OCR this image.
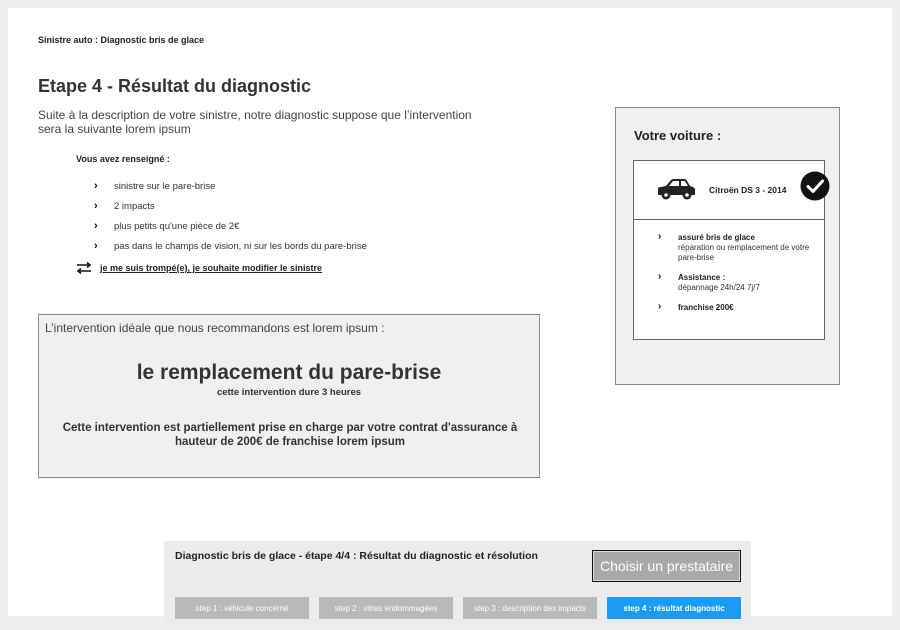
Sinistre auto : Diagnostic bris de glace
Etape 4 - Résultat du diagnostic

Suite à la description de votre sinistre, notre diagnostic suppose que l’intervention sera la suivante lorem ipsum

Vous avez renseigné :
›	sinistre sur le pare-brise
›	2 impacts
›	plus petits qu'une pièce de 2€
›	pas dans le champs de vision, ni sur les bords du pare-brise
je me suis trompé(e), je souhaite modifier le sinistre
L’intervention idéale que nous recommandons est lorem ipsum :
le remplacement du pare-brise
cette intervention dure 3 heures
Cette intervention est partiellement prise en charge par votre contrat d'assurance à hauteur de 200€ de franchise lorem ipsum
Votre voiture :
Citroën DS 3 - 2014
›	assuré bris de glace
réparation ou remplacement de votre pare-brise
›	Assistance :
dépannage 24h/24 7j/7
›	franchise 200€
Diagnostic bris de glace - étape 4/4 : Résultat du diagnostic et résolution
Choisir un prestataire
step 1 : véhicule concerné	step 2 : vitres endommagées	step 3 : description des impacts	step 4 : résultat diagnostic
